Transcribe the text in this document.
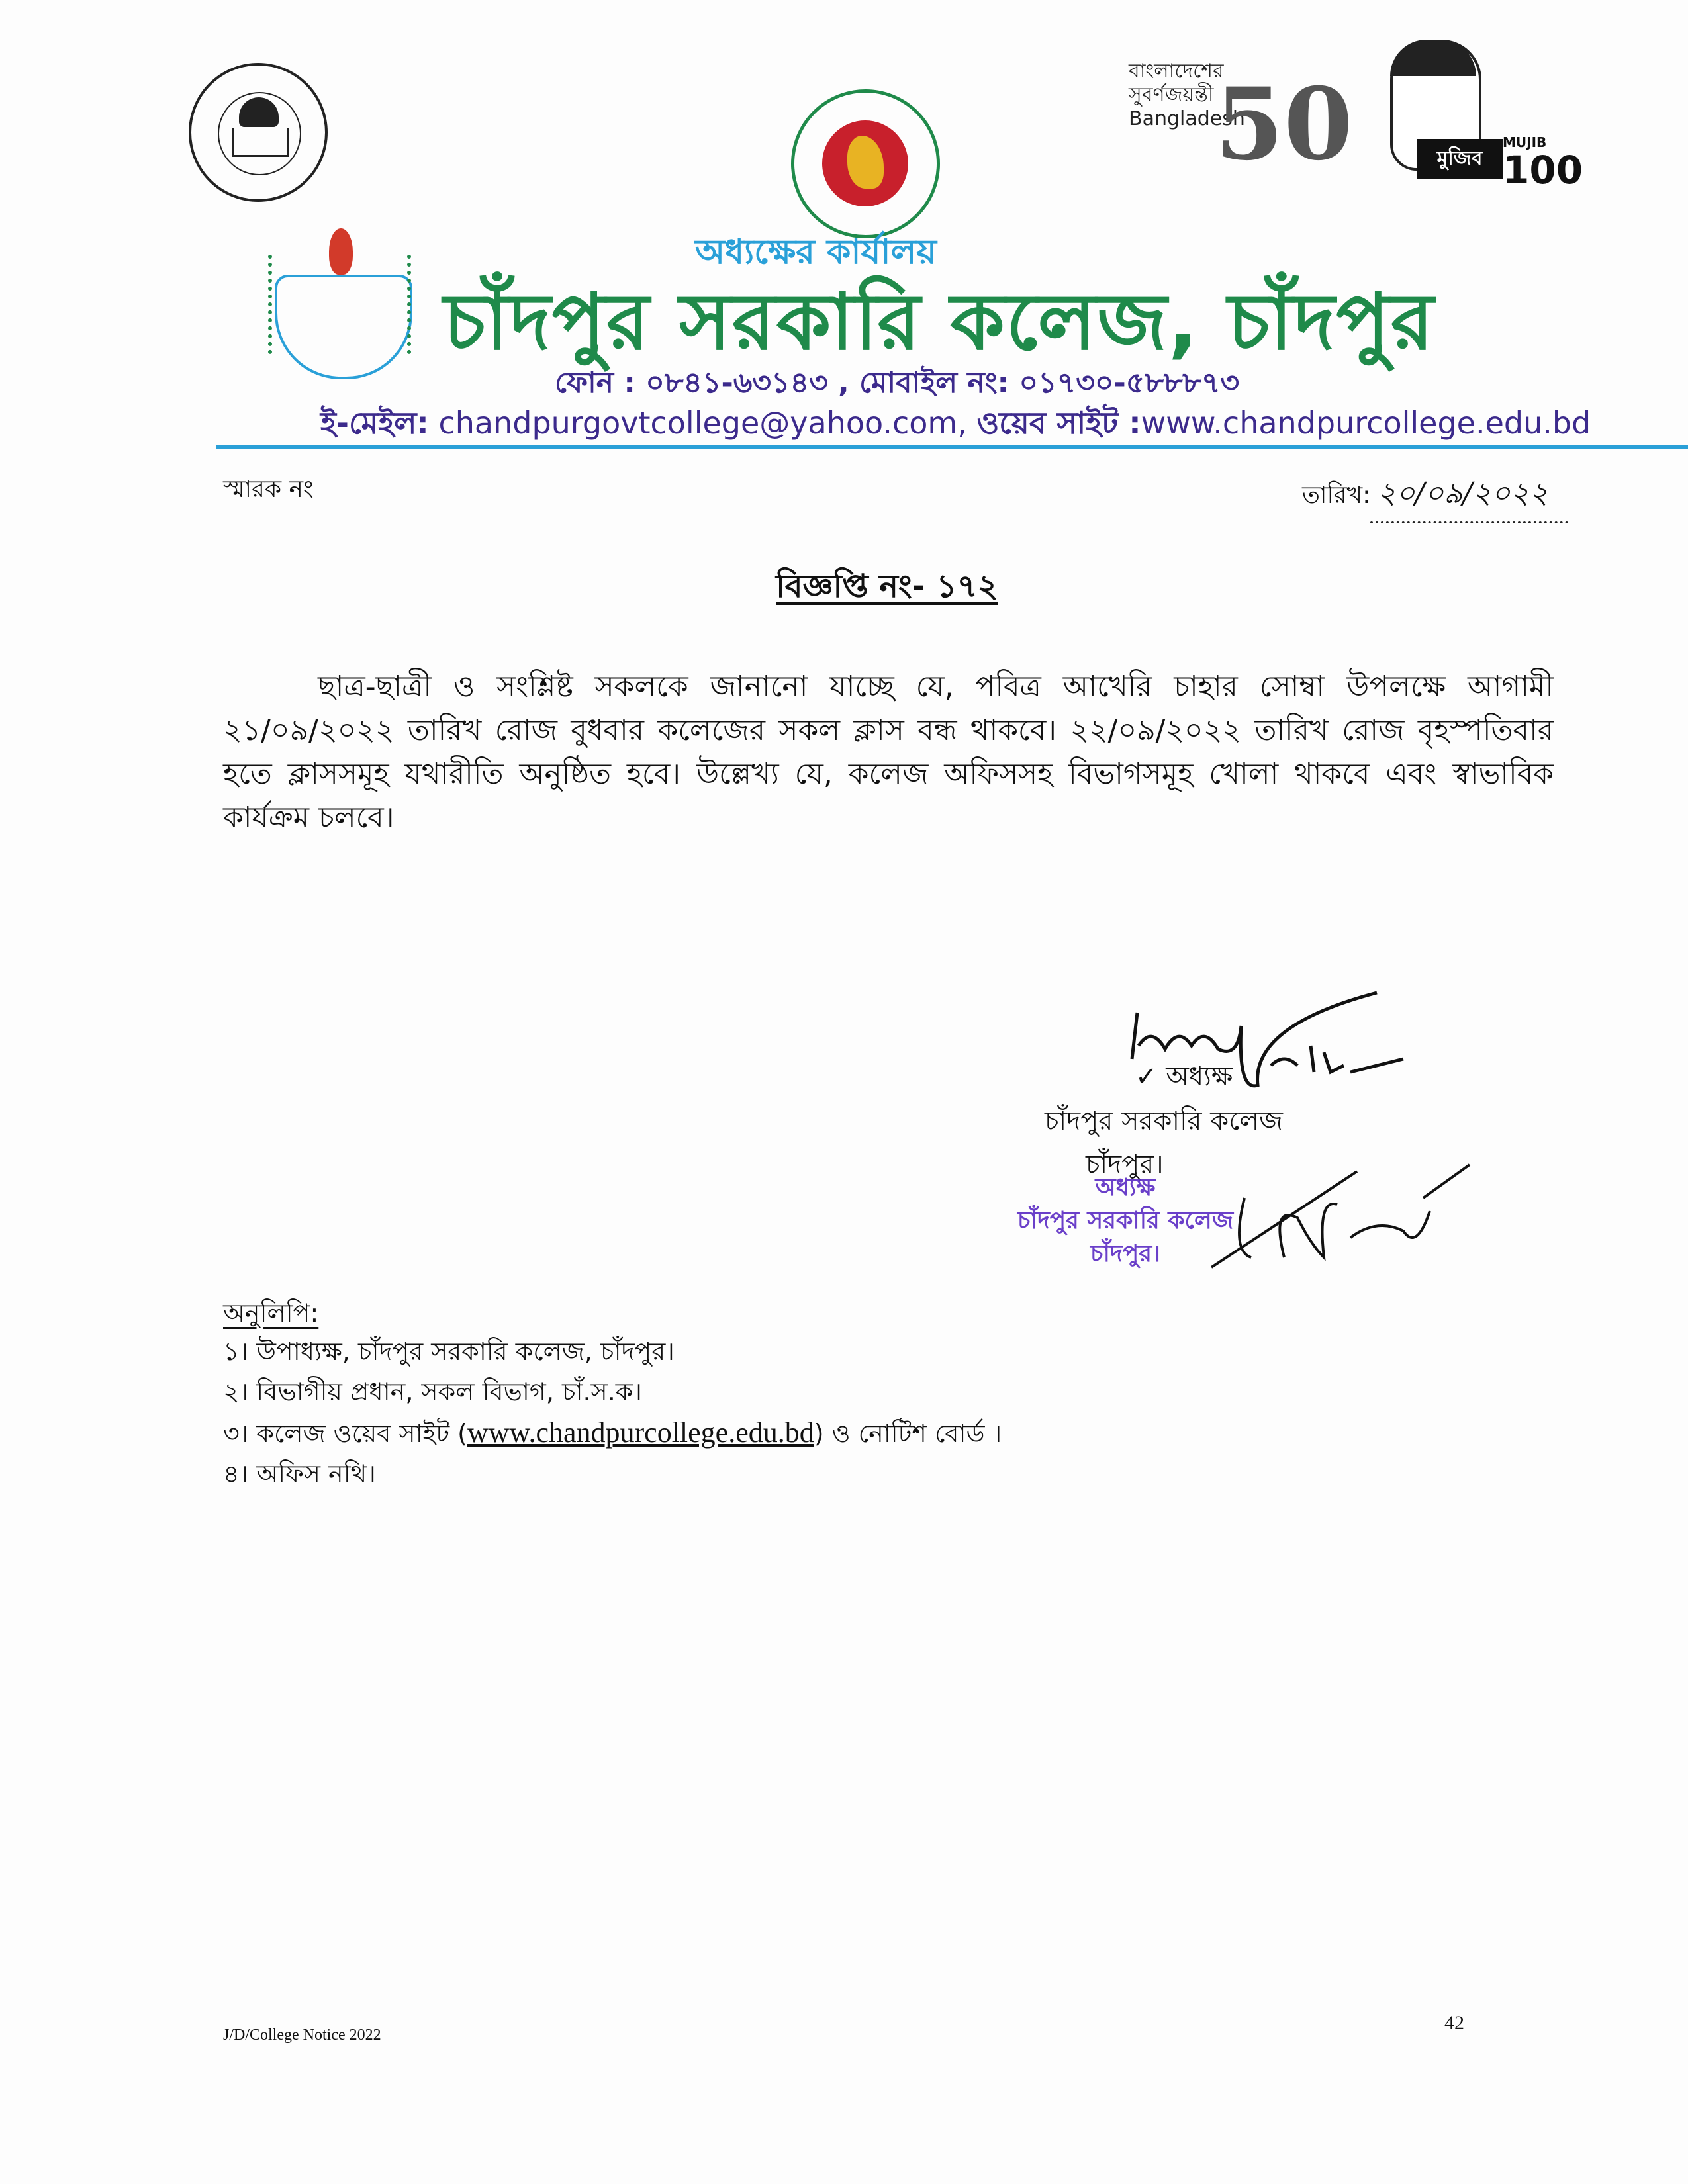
বাংলাদেশের
সুবর্ণজয়ন্তী
Bangladesh
50	মুজিব
MUJIB
100
অধ্যক্ষের কার্যালয়
চাঁদপুর সরকারি কলেজ, চাঁদপুর
ফোন : ০৮৪১-৬৩১৪৩ , মোবাইল নং: ০১৭৩০-৫৮৮৮৭৩
ই-মেইল: chandpurgovtcollege@yahoo.com, ওয়েব সাইট :www.chandpurcollege.edu.bd
স্মারক নং	তারিখ: ২০/০৯/২০২২
বিজ্ঞপ্তি নং- ১৭২
ছাত্র-ছাত্রী ও সংশ্লিষ্ট সকলকে জানানো যাচ্ছে যে, পবিত্র আখেরি চাহার সোম্বা উপলক্ষে আগামী ২১/০৯/২০২২ তারিখ রোজ বুধবার কলেজের সকল ক্লাস বন্ধ থাকবে। ২২/০৯/২০২২ তারিখ রোজ বৃহস্পতিবার হতে ক্লাসসমূহ যথারীতি অনুষ্ঠিত হবে। উল্লেখ্য যে, কলেজ অফিসসহ বিভাগসমূহ খোলা থাকবে এবং স্বাভাবিক কার্যক্রম চলবে।
✓ অধ্যক্ষ
চাঁদপুর সরকারি কলেজ
চাঁদপুর।
অধ্যক্ষ
চাঁদপুর সরকারি কলেজ
চাঁদপুর।
অনুলিপি:
১। উপাধ্যক্ষ, চাঁদপুর সরকারি কলেজ, চাঁদপুর।
২। বিভাগীয় প্রধান, সকল বিভাগ, চাঁ.স.ক।
৩। কলেজ ওয়েব সাইট (www.chandpurcollege.edu.bd) ও নোটিশ বোর্ড ।
৪। অফিস নথি।
J/D/College Notice 2022
42
